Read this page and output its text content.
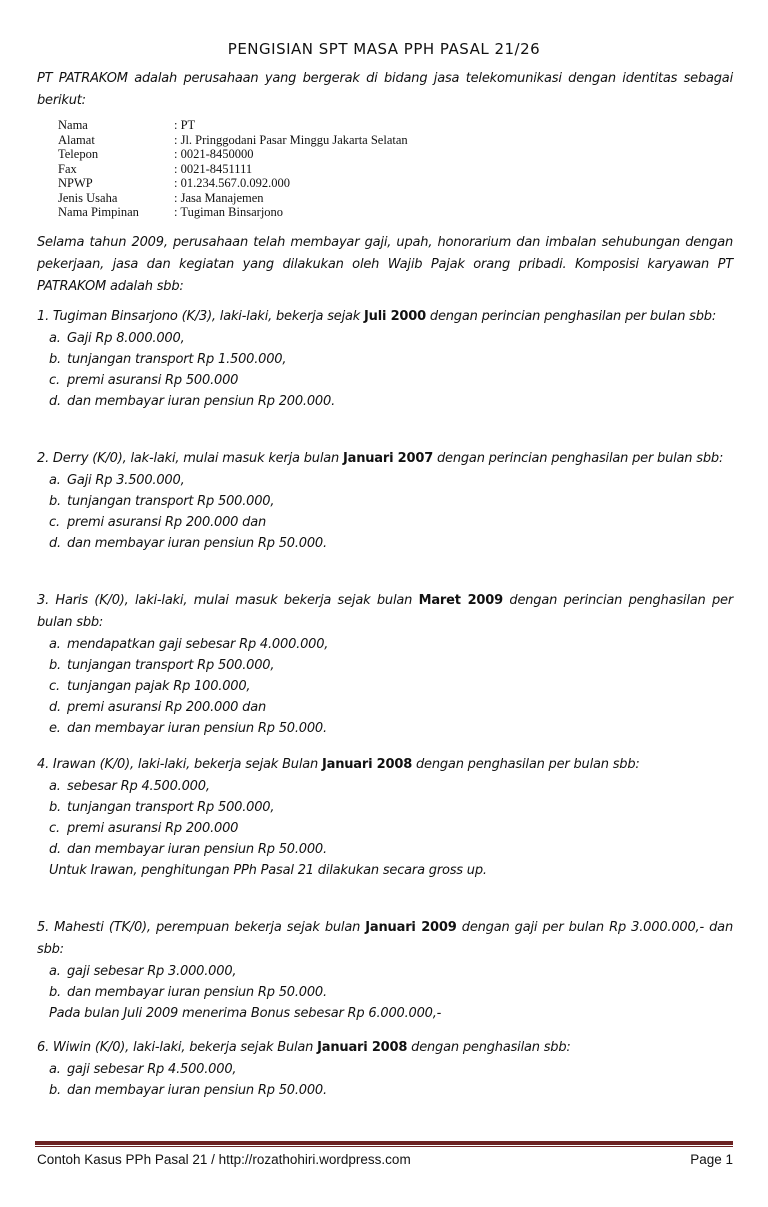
PENGISIAN SPT MASA PPH PASAL 21/26
PT PATRAKOM adalah perusahaan yang bergerak di bidang jasa telekomunikasi dengan identitas sebagai berikut:
Nama	: PT
Alamat	: Jl. Pringgodani Pasar Minggu Jakarta Selatan
Telepon	: 0021-8450000
Fax	: 0021-8451111
NPWP	: 01.234.567.0.092.000
Jenis Usaha	: Jasa Manajemen
Nama Pimpinan	: Tugiman Binsarjono
Selama tahun 2009, perusahaan telah membayar gaji, upah, honorarium dan imbalan sehubungan dengan pekerjaan, jasa dan kegiatan yang dilakukan oleh Wajib Pajak orang pribadi. Komposisi karyawan PT PATRAKOM adalah sbb:
1. Tugiman Binsarjono (K/3), laki-laki, bekerja sejak Juli 2000 dengan perincian penghasilan per bulan sbb:
a. Gaji Rp 8.000.000,
b. tunjangan transport Rp 1.500.000,
c. premi asuransi Rp 500.000
d. dan membayar iuran pensiun Rp 200.000.
2. Derry (K/0), lak-laki, mulai masuk kerja bulan Januari 2007 dengan perincian penghasilan per bulan sbb:
a. Gaji Rp 3.500.000,
b. tunjangan transport Rp 500.000,
c. premi asuransi Rp 200.000 dan
d. dan membayar iuran pensiun Rp 50.000.
3. Haris (K/0), laki-laki, mulai masuk bekerja sejak bulan Maret 2009 dengan perincian penghasilan per bulan sbb:
a. mendapatkan gaji sebesar Rp 4.000.000,
b. tunjangan transport Rp 500.000,
c. tunjangan pajak Rp 100.000,
d. premi asuransi Rp 200.000 dan
e. dan membayar iuran pensiun Rp 50.000.
4. Irawan (K/0), laki-laki, bekerja sejak Bulan Januari 2008 dengan penghasilan per bulan sbb:
a. sebesar Rp 4.500.000,
b. tunjangan transport Rp 500.000,
c. premi asuransi Rp 200.000
d. dan membayar iuran pensiun Rp 50.000.
Untuk Irawan, penghitungan PPh Pasal 21 dilakukan secara gross up.
5. Mahesti (TK/0), perempuan bekerja sejak bulan Januari 2009 dengan gaji per bulan Rp 3.000.000,- dan sbb:
a. gaji sebesar Rp 3.000.000,
b. dan membayar iuran pensiun Rp 50.000.
Pada bulan Juli 2009 menerima Bonus sebesar Rp 6.000.000,-
6. Wiwin (K/0), laki-laki, bekerja sejak Bulan Januari 2008 dengan penghasilan sbb:
a. gaji sebesar Rp 4.500.000,
b. dan membayar iuran pensiun Rp 50.000.
Contoh Kasus PPh Pasal 21 / http://rozathohiri.wordpress.com	Page 1
